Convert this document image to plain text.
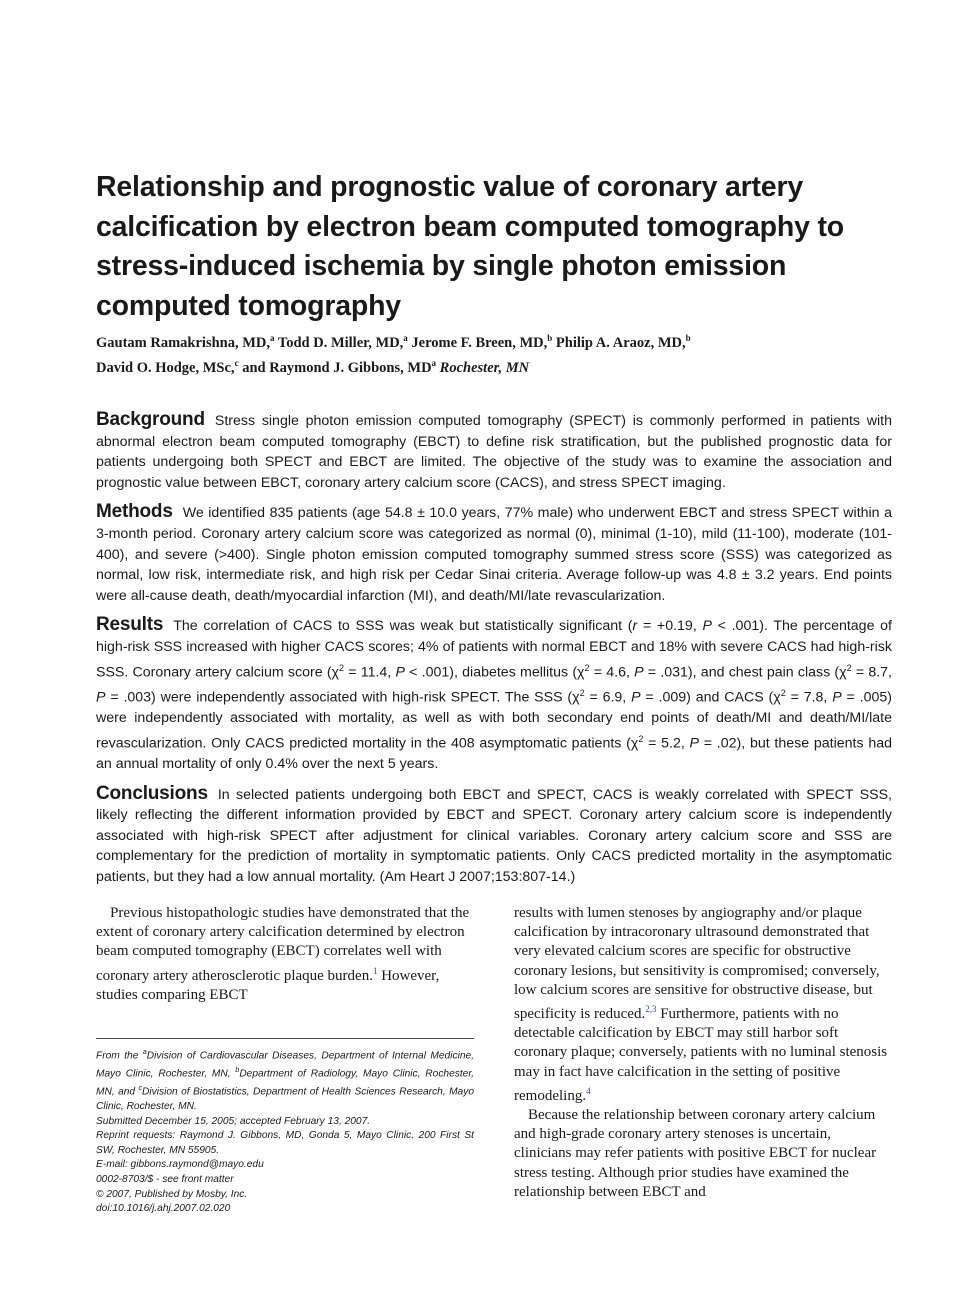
Relationship and prognostic value of coronary artery calcification by electron beam computed tomography to stress-induced ischemia by single photon emission computed tomography
Gautam Ramakrishna, MD,$^a$ Todd D. Miller, MD,$^a$ Jerome F. Breen, MD,$^b$ Philip A. Araoz, MD,$^b$
David O. Hodge, MSc,$^c$ and Raymond J. Gibbons, $MD^a$ Rochester, MN

Background Stress single photon emission computed tomography (SPECT) is commonly performed in patients with abnormal electron beam computed tomography (EBCT) to define risk stratification, but the published prognostic data for patients undergoing both SPECT and EBCT are limited. The objective of the study was to examine the association and prognostic value between EBCT, coronary artery calcium score (CACS), and stress SPECT imaging.

Methods We identified 835 patients (age 54.8 ± 10.0 years, 77% male) who underwent EBCT and stress SPECT within a 3-month period. Coronary artery calcium score was categorized as normal (0), minimal (1-10), mild (11-100), moderate (101-400), and severe (>400). Single photon emission computed tomography summed stress score (SSS) was categorized as normal, low risk, intermediate risk, and high risk per Cedar Sinai criteria. Average follow-up was 4.8 ± 3.2 years. End points were all-cause death, death/myocardial infarction (MI), and death/MI/late revascularization.

Results The correlation of CACS to SSS was weak but statistically significant (r = +0.19, P < .001). The percentage of high-risk SSS increased with higher CACS scores; 4% of patients with normal EBCT and 18% with severe CACS had high-risk SSS. Coronary artery calcium score ($\chi^2 = 11.4$, P < .001), diabetes mellitus ($\chi^2 = 4.6$, P = .031), and chest pain class ($\chi^2 = 8.7$, P = .003) were independently associated with high-risk SPECT. The SSS ($\chi^2 = 6.9$, P = .009) and CACS ($\chi^2 = 7.8$, P = .005) were independently associated with mortality, as well as with both secondary end points of death/MI and death/MI/late revascularization. Only CACS predicted mortality in the 408 asymptomatic patients ($\chi^2 = 5.2$, P = .02), but these patients had an annual mortality of only 0.4% over the next 5 years.

Conclusions In selected patients undergoing both EBCT and SPECT, CACS is weakly correlated with SPECT SSS, likely reflecting the different information provided by EBCT and SPECT. Coronary artery calcium score is independently associated with high-risk SPECT after adjustment for clinical variables. Coronary artery calcium score and SSS are complementary for the prediction of mortality in symptomatic patients. Only CACS predicted mortality in the asymptomatic patients, but they had a low annual mortality. (Am Heart J 2007;153:807-14.)

Previous histopathologic studies have demonstrated that the extent of coronary artery calcification determined by electron beam computed tomography (EBCT) correlates well with coronary artery atherosclerotic plaque burden.$^1$ However, studies comparing EBCT

From the $^a$Division of Cardiovascular Diseases, Department of Internal Medicine, Mayo Clinic, Rochester, MN, $^b$Department of Radiology, Mayo Clinic, Rochester, MN, and $^c$Division of Biostatistics, Department of Health Sciences Research, Mayo Clinic, Rochester, MN.
Submitted December 15, 2005; accepted February 13, 2007.
Reprint requests: Raymond J. Gibbons, MD, Gonda 5, Mayo Clinic, 200 First St SW, Rochester, MN 55905.
E-mail: gibbons.raymond@mayo.edu
0002-8703/$ - see front matter
© 2007, Published by Mosby, Inc.
doi:10.1016/j.ahj.2007.02.020

results with lumen stenoses by angiography and/or plaque calcification by intracoronary ultrasound demonstrated that very elevated calcium scores are specific for obstructive coronary lesions, but sensitivity is compromised; conversely, low calcium scores are sensitive for obstructive disease, but specificity is reduced.$^{2,3}$ Furthermore, patients with no detectable calcification by EBCT may still harbor soft coronary plaque; conversely, patients with no luminal stenosis may in fact have calcification in the setting of positive remodeling.$^4$

Because the relationship between coronary artery calcium and high-grade coronary artery stenoses is uncertain, clinicians may refer patients with positive EBCT for nuclear stress testing. Although prior studies have examined the relationship between EBCT and
